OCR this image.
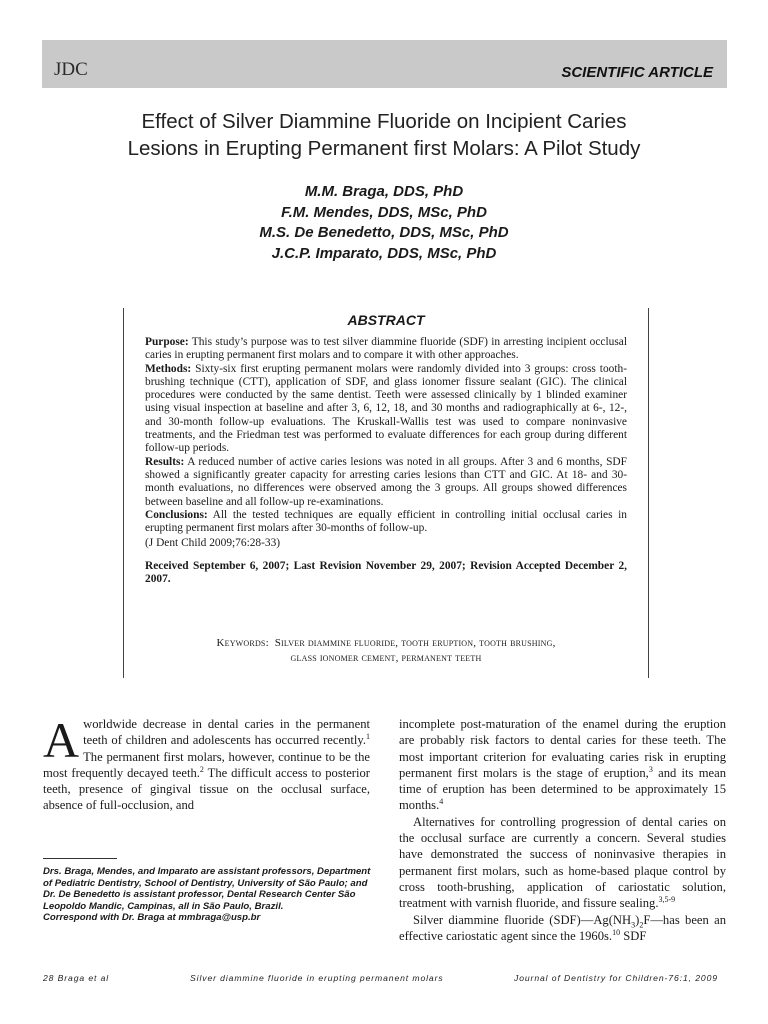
JDC	SCIENTIFIC ARTICLE
Effect of Silver Diammine Fluoride on Incipient Caries
Lesions in Erupting Permanent first Molars: A Pilot Study
M.M. Braga, DDS, PhD
F.M. Mendes, DDS, MSc, PhD
M.S. De Benedetto, DDS, MSc, PhD
J.C.P. Imparato, DDS, MSc, PhD
ABSTRACT

Purpose: This study’s purpose was to test silver diammine fluoride (SDF) in arresting incipient occlusal caries in erupting permanent first molars and to compare it with other approaches.

Methods: Sixty-six first erupting permanent molars were randomly divided into 3 groups: cross tooth-brushing technique (CTT), application of SDF, and glass ionomer fissure sealant (GIC). The clinical procedures were conducted by the same dentist. Teeth were assessed clinically by 1 blinded examiner using visual inspection at baseline and after 3, 6, 12, 18, and 30 months and radiographically at 6-, 12-, and 30-month follow-up evaluations. The Kruskall-Wallis test was used to compare noninvasive treatments, and the Friedman test was performed to evaluate differences for each group during different follow-up periods.

Results: A reduced number of active caries lesions was noted in all groups. After 3 and 6 months, SDF showed a significantly greater capacity for arresting caries lesions than CTT and GIC. At 18- and 30-month evaluations, no differences were observed among the 3 groups. All groups showed differences between baseline and all follow-up re-examinations.

Conclusions: All the tested techniques are equally efficient in controlling initial occlusal caries in erupting permanent first molars after 30-months of follow-up.

(J Dent Child 2009;76:28-33)

Received September 6, 2007; Last Revision November 29, 2007; Revision Accepted December 2, 2007.

Keywords: Silver diammine fluoride, tooth eruption, tooth brushing,
glass ionomer cement, permanent teeth

Aworldwide decrease in dental caries in the permanent teeth of children and adolescents has occurred recently.$^1$ The permanent first molars, however, continue to be the most frequently decayed teeth.$^2$ The difficult access to posterior teeth, presence of gingival tissue on the occlusal surface, absence of full-occlusion, and

Drs. Braga, Mendes, and Imparato are assistant professors, Department of Pediatric Dentistry, School of Dentistry, University of São Paulo; and Dr. De Benedetto is assistant professor, Dental Research Center São Leopoldo Mandic, Campinas, all in São Paulo, Brazil.
Correspond with Dr. Braga at mmbraga@usp.br

incomplete post-maturation of the enamel during the eruption are probably risk factors to dental caries for these teeth. The most important criterion for evaluating caries risk in erupting permanent first molars is the stage of eruption,$^3$ and its mean time of eruption has been determined to be approximately 15 months.$^4$

Alternatives for controlling progression of dental caries on the occlusal surface are currently a concern. Several studies have demonstrated the success of noninvasive therapies in permanent first molars, such as home-based plaque control by cross tooth-brushing, application of cariostatic solution, treatment with varnish fluoride, and fissure sealing.$^{3,5-9}$

Silver diammine fluoride $(SDF)—Ag(NH_3)_2F—has$ been an effective cariostatic agent since the 1960s.$^{10}$ SDF

28 Braga et al	Silver diammine fluoride in erupting permanent molars	Journal of Dentistry for Children-76:1, 2009
